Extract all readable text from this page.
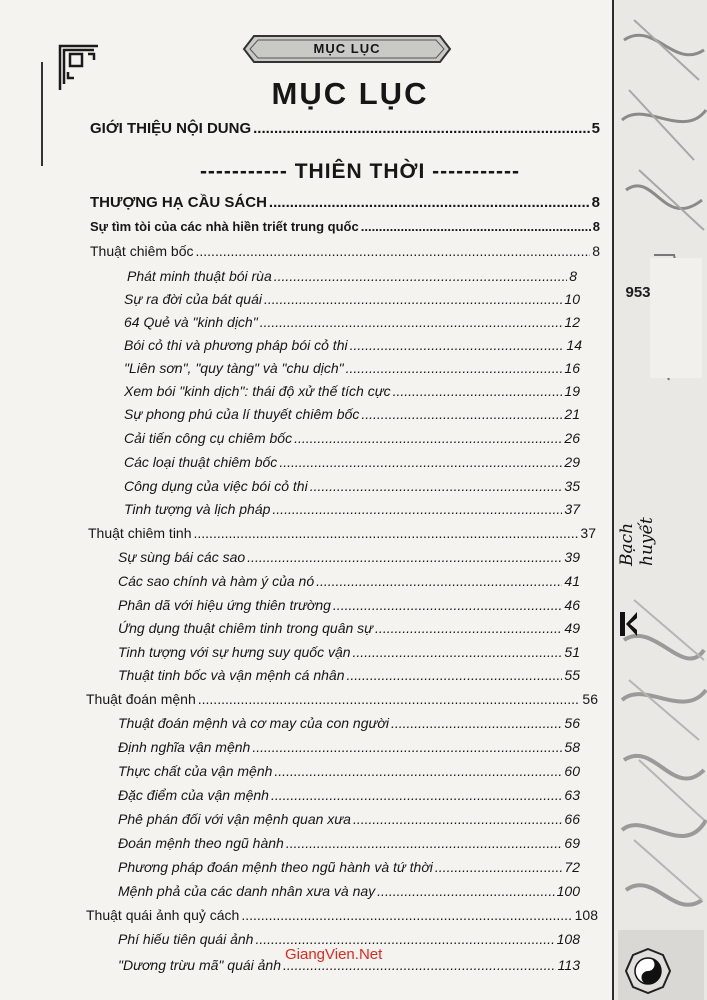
953
Bạch huyết
MỤC LỤC
MỤC LỤC
----------- THIÊN THỜI -----------
GIỚI THIỆU NỘI DUNG .....	5
THƯỢNG HẠ CẦU SÁCH .....	8
Sự tìm tòi của các nhà hiền triết trung quốc .....	8
Thuật chiêm bốc .....	8
Phát minh thuật bói rùa .....	8
Sự ra đời của bát quái .....	10
64 Quẻ và "kinh dịch" .....	12
Bói cỏ thi và phương pháp bói cỏ thi .....	14
"Liên sơn", "quy tàng" và "chu dịch" .....	16
Xem bói "kinh dịch": thái độ xử thế tích cực .....	19
Sự phong phú của lí thuyết chiêm bốc .....	21
Cải tiến công cụ chiêm bốc .....	26
Các loại thuật chiêm bốc .....	29
Công dụng của việc bói cỏ thi .....	35
Tinh tượng và lịch pháp .....	37
Thuật chiêm tinh .....	37
Sự sùng bái các sao .....	39
Các sao chính và hàm ý của nó .....	41
Phân dã với hiệu ứng thiên trường .....	46
Ứng dụng thuật chiêm tinh trong quân sự .....	49
Tinh tượng với sự hưng suy quốc vận .....	51
Thuật tinh bốc và vận mệnh cá nhân .....	55
Thuật đoán mệnh .....	56
Thuật đoán mệnh và cơ may của con người .....	56
Định nghĩa vận mệnh .....	58
Thực chất của vận mệnh .....	60
Đặc điểm của vận mệnh .....	63
Phê phán đối với vận mệnh quan xưa .....	66
Đoán mệnh theo ngũ hành .....	69
Phương pháp đoán mệnh theo ngũ hành và tứ thời .....	72
Mệnh phả của các danh nhân xưa và nay .....	100
Thuật quái ảnh quỷ cách .....	108
Phí hiếu tiên quái ảnh .....	108
"Dương trừu mã" quái ảnh .....	113
GiangVien.Net
